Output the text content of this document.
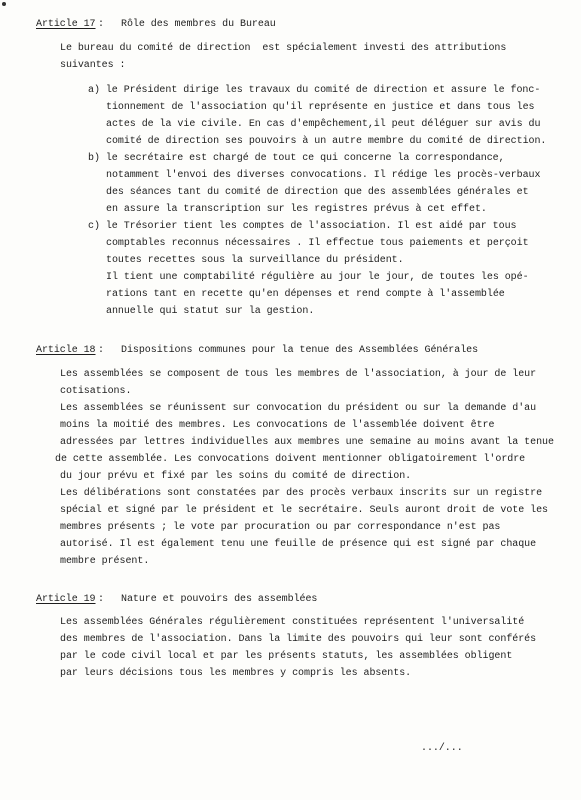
Article 17 : Rôle des membres du Bureau
Le bureau du comité de direction  est spécialement investi des attributions
suivantes :
a) le Président dirige les travaux du comité de direction et assure le fonc-
tionnement de l'association qu'il représente en justice et dans tous les
actes de la vie civile. En cas d'empêchement,il peut déléguer sur avis du
comité de direction ses pouvoirs à un autre membre du comité de direction.
b) le secrétaire est chargé de tout ce qui concerne la correspondance,
notamment l'envoi des diverses convocations. Il rédige les procès-verbaux
des séances tant du comité de direction que des assemblées générales et
en assure la transcription sur les registres prévus à cet effet.
c) le Trésorier tient les comptes de l'association. Il est aidé par tous
comptables reconnus nécessaires . Il effectue tous paiements et perçoit
toutes recettes sous la surveillance du président.
Il tient une comptabilité régulière au jour le jour, de toutes les opé-
rations tant en recette qu'en dépenses et rend compte à l'assemblée
annuelle qui statut sur la gestion.
Article 18 : Dispositions communes pour la tenue des Assemblées Générales
Les assemblées se composent de tous les membres de l'association, à jour de leur
cotisations.
Les assemblées se réunissent sur convocation du président ou sur la demande d'au
moins la moitié des membres. Les convocations de l'assemblée doivent être
adressées par lettres individuelles aux membres une semaine au moins avant la tenue
de cette assemblée. Les convocations doivent mentionner obligatoirement l'ordre
du jour prévu et fixé par les soins du comité de direction.
Les délibérations sont constatées par des procès verbaux inscrits sur un registre
spécial et signé par le président et le secrétaire. Seuls auront droit de vote les
membres présents ; le vote par procuration ou par correspondance n'est pas
autorisé. Il est également tenu une feuille de présence qui est signé par chaque
membre présent.
Article 19 : Nature et pouvoirs des assemblées
Les assemblées Générales régulièrement constituées représentent l'universalité
des membres de l'association. Dans la limite des pouvoirs qui leur sont conférés
par le code civil local et par les présents statuts, les assemblées obligent
par leurs décisions tous les membres y compris les absents.
.../...
